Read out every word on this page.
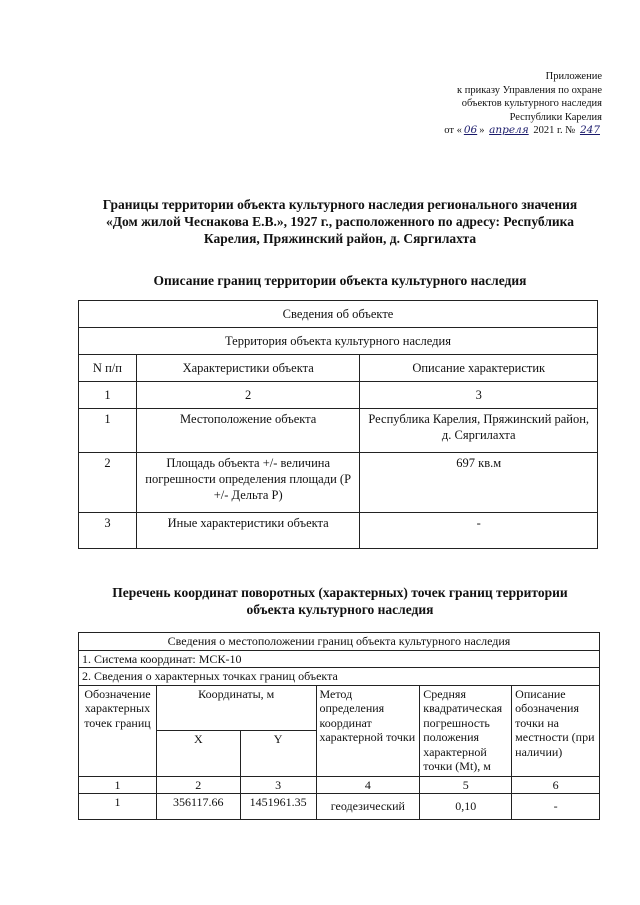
Приложение
к приказу Управления по охране
объектов культурного наследия
Республики Карелия
от « 06 » апреля 2021 г. № 247
Границы территории объекта культурного наследия регионального значения
«Дом жилой Чеснакова Е.В.», 1927 г., расположенного по адресу: Республика
Карелия, Пряжинский район, д. Сяргилахта
Описание границ территории объекта культурного наследия
Сведения об объекте		
Территория объекта культурного наследия		
N п/п	Характеристики объекта	Описание характеристик
1	2	3
1	Местоположение объекта	Республика Карелия, Пряжинский район, д. Сяргилахта
2	Площадь объекта +/- величина погрешности определения площади (P +/- Дельта P)	697 кв.м
3	Иные характеристики объекта	-
Перечень координат поворотных (характерных) точек границ территории
объекта культурного наследия
Сведения о местоположении границ объекта культурного наследия					
1. Система координат: МСК-10					
2. Сведения о характерных точках границ объекта					
Обозначение характерных точек границ	Координаты, м		Метод определения координат характерной точки	Средняя квадратическая погрешность положения характерной точки (Mt), м	Описание обозначения точки на местности (при наличии)
	X	Y			
1	2	3	4	5	6
1	356117.66	1451961.35	геодезический	0,10	-
